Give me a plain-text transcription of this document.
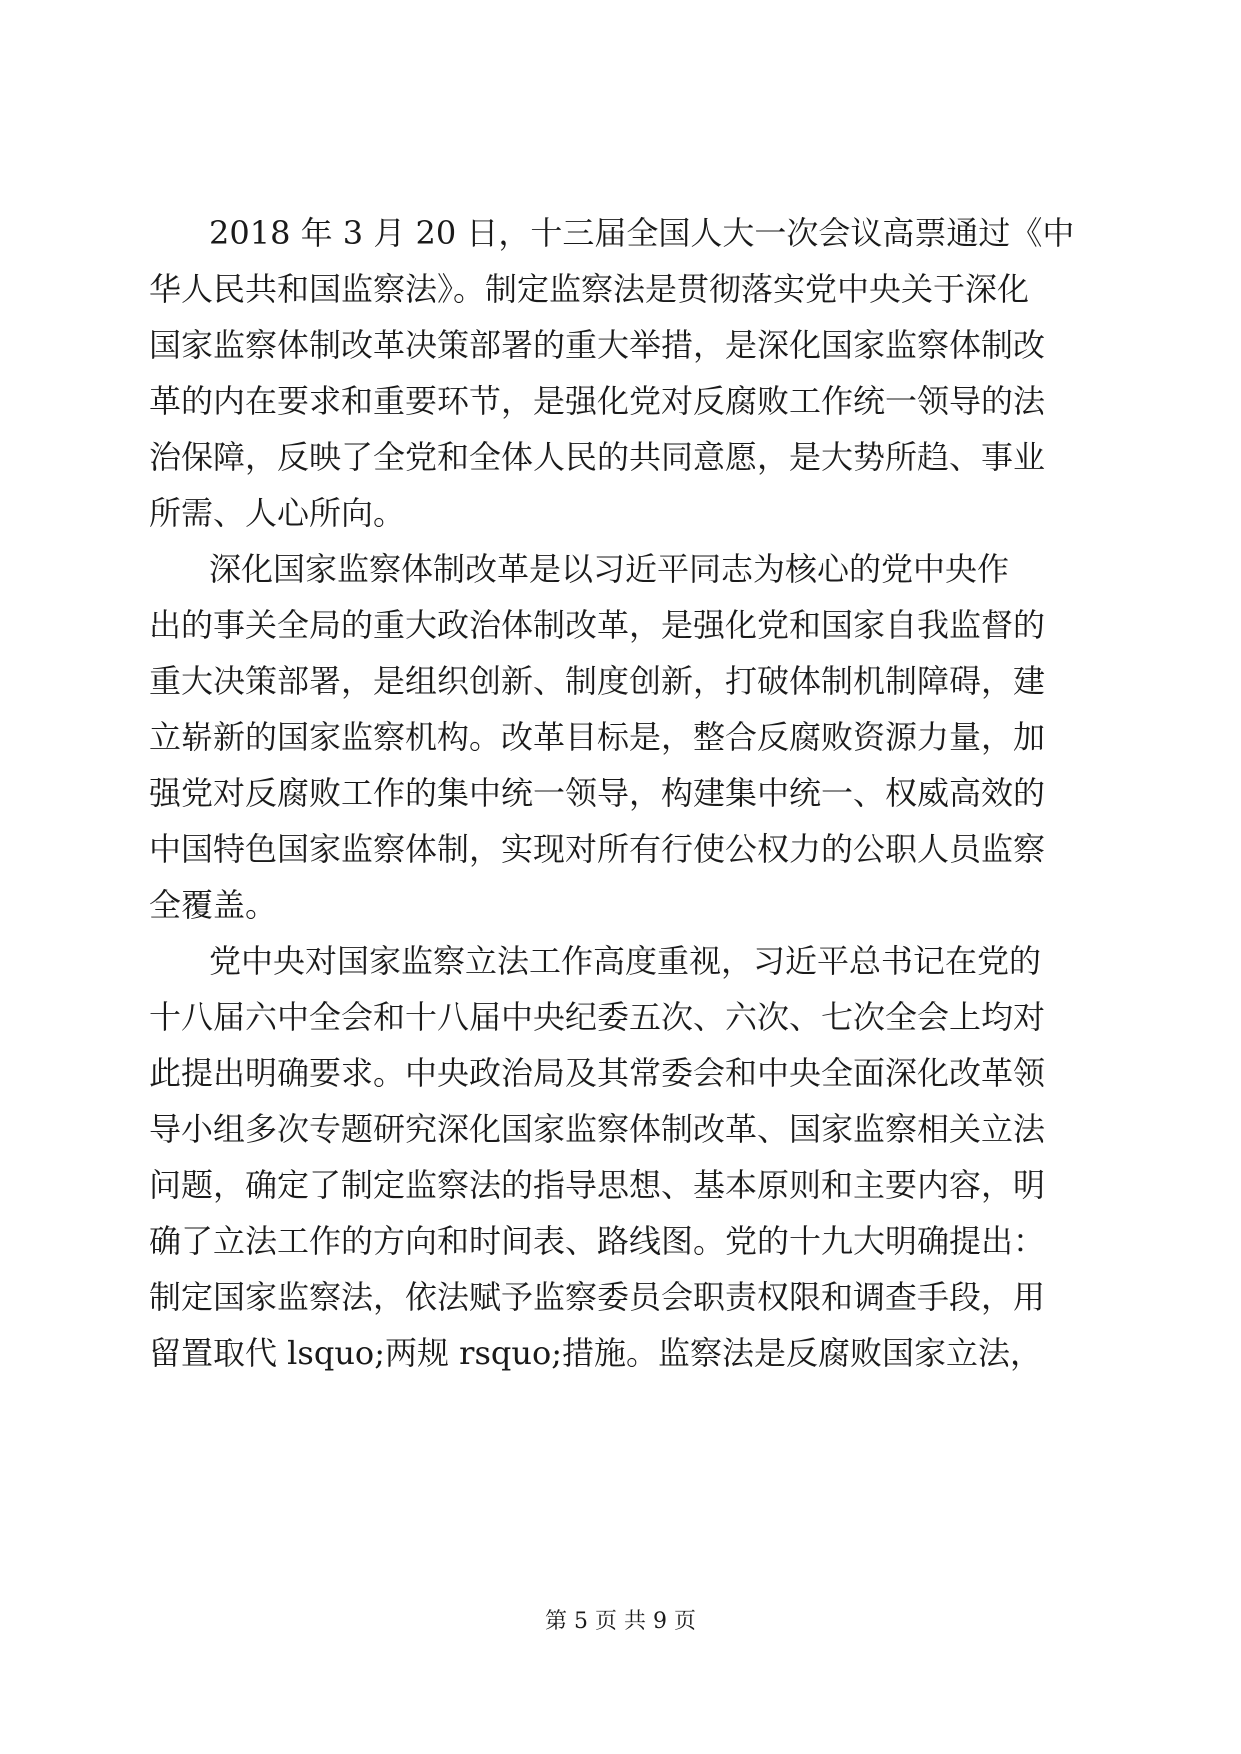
2018 年 3 月 20 日，十三届全国人大一次会议高票通过《中
华人民共和国监察法》。制定监察法是贯彻落实党中央关于深化
国家监察体制改革决策部署的重大举措，是深化国家监察体制改
革的内在要求和重要环节，是强化党对反腐败工作统一领导的法
治保障，反映了全党和全体人民的共同意愿，是大势所趋、事业
所需、人心所向。
深化国家监察体制改革是以习近平同志为核心的党中央作
出的事关全局的重大政治体制改革，是强化党和国家自我监督的
重大决策部署，是组织创新、制度创新，打破体制机制障碍，建
立崭新的国家监察机构。改革目标是，整合反腐败资源力量，加
强党对反腐败工作的集中统一领导，构建集中统一、权威高效的
中国特色国家监察体制，实现对所有行使公权力的公职人员监察
全覆盖。
党中央对国家监察立法工作高度重视，习近平总书记在党的
十八届六中全会和十八届中央纪委五次、六次、七次全会上均对
此提出明确要求。中央政治局及其常委会和中央全面深化改革领
导小组多次专题研究深化国家监察体制改革、国家监察相关立法
问题，确定了制定监察法的指导思想、基本原则和主要内容，明
确了立法工作的方向和时间表、路线图。党的十九大明确提出：
制定国家监察法，依法赋予监察委员会职责权限和调查手段，用
留置取代 lsquo;两规 rsquo;措施。监察法是反腐败国家立法，
第 5 页 共 9 页
